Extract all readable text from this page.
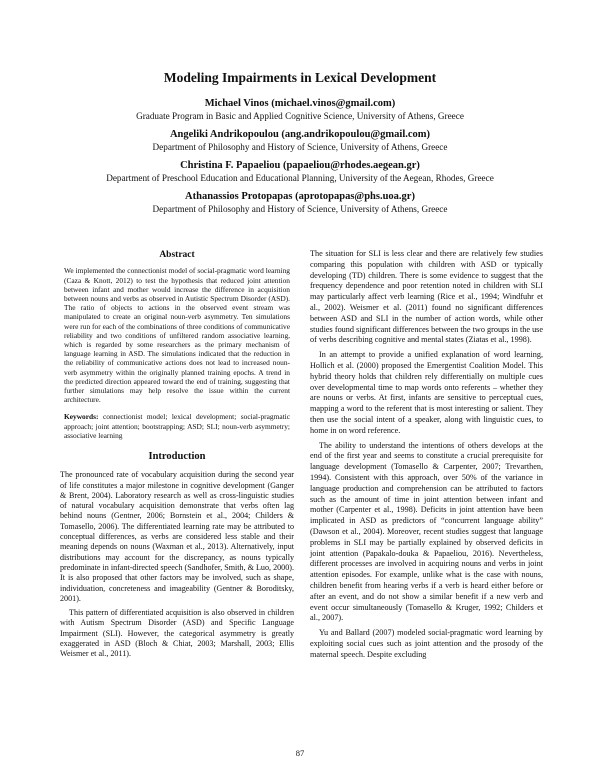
Modeling Impairments in Lexical Development
Michael Vinos (michael.vinos@gmail.com)
Graduate Program in Basic and Applied Cognitive Science, University of Athens, Greece
Angeliki Andrikopoulou (ang.andrikopoulou@gmail.com)
Department of Philosophy and History of Science, University of Athens, Greece
Christina F. Papaeliou (papaeliou@rhodes.aegean.gr)
Department of Preschool Education and Educational Planning, University of the Aegean, Rhodes, Greece
Athanassios Protopapas (aprotopapas@phs.uoa.gr)
Department of Philosophy and History of Science, University of Athens, Greece
Abstract

We implemented the connectionist model of social-pragmatic word learning (Caza & Knott, 2012) to test the hypothesis that reduced joint attention between infant and mother would increase the difference in acquisition between nouns and verbs as observed in Autistic Spectrum Disorder (ASD). The ratio of objects to actions in the observed event stream was manipulated to create an original noun-verb asymmetry. Ten simulations were run for each of the combinations of three conditions of communicative reliability and two conditions of unfiltered random associative learning, which is regarded by some researchers as the primary mechanism of language learning in ASD. The simulations indicated that the reduction in the reliability of communicative actions does not lead to increased noun-verb asymmetry within the originally planned training epochs. A trend in the predicted direction appeared toward the end of training, suggesting that further simulations may help resolve the issue within the current architecture.

Keywords: connectionist model; lexical development; social-pragmatic approach; joint attention; bootstrapping; ASD; SLI; noun-verb asymmetry; associative learning

Introduction

The pronounced rate of vocabulary acquisition during the second year of life constitutes a major milestone in cognitive development (Ganger & Brent, 2004). Laboratory research as well as cross-linguistic studies of natural vocabulary acquisition demonstrate that verbs often lag behind nouns (Gentner, 2006; Bornstein et al., 2004; Childers & Tomasello, 2006). The differentiated learning rate may be attributed to conceptual differences, as verbs are considered less stable and their meaning depends on nouns (Waxman et al., 2013). Alternatively, input distributions may account for the discrepancy, as nouns typically predominate in infant-directed speech (Sandhofer, Smith, & Luo, 2000). It is also proposed that other factors may be involved, such as shape, individuation, concreteness and imageability (Gentner & Boroditsky, 2001).

This pattern of differentiated acquisition is also observed in children with Autism Spectrum Disorder (ASD) and Specific Language Impairment (SLI). However, the categorical asymmetry is greatly exaggerated in ASD (Bloch & Chiat, 2003; Marshall, 2003; Ellis Weismer et al., 2011).

The situation for SLI is less clear and there are relatively few studies comparing this population with children with ASD or typically developing (TD) children. There is some evidence to suggest that the frequency dependence and poor retention noted in children with SLI may particularly affect verb learning (Rice et al., 1994; Windfuhr et al., 2002). Weismer et al. (2011) found no significant differences between ASD and SLI in the number of action words, while other studies found significant differences between the two groups in the use of verbs describing cognitive and mental states (Ziatas et al., 1998).

In an attempt to provide a unified explanation of word learning, Hollich et al. (2000) proposed the Emergentist Coalition Model. This hybrid theory holds that children rely differentially on multiple cues over developmental time to map words onto referents – whether they are nouns or verbs. At first, infants are sensitive to perceptual cues, mapping a word to the referent that is most interesting or salient. They then use the social intent of a speaker, along with linguistic cues, to home in on word reference.

The ability to understand the intentions of others develops at the end of the first year and seems to constitute a crucial prerequisite for language development (Tomasello & Carpenter, 2007; Trevarthen, 1994). Consistent with this approach, over 50% of the variance in language production and comprehension can be attributed to factors such as the amount of time in joint attention between infant and mother (Carpenter et al., 1998). Deficits in joint attention have been implicated in ASD as predictors of “concurrent language ability” (Dawson et al., 2004). Moreover, recent studies suggest that language problems in SLI may be partially explained by observed deficits in joint attention (Papakalo-douka & Papaeliou, 2016). Nevertheless, different processes are involved in acquiring nouns and verbs in joint attention episodes. For example, unlike what is the case with nouns, children benefit from hearing verbs if a verb is heard either before or after an event, and do not show a similar benefit if a new verb and event occur simultaneously (Tomasello & Kruger, 1992; Childers et al., 2007).

Yu and Ballard (2007) modeled social-pragmatic word learning by exploiting social cues such as joint attention and the prosody of the maternal speech. Despite excluding

87
